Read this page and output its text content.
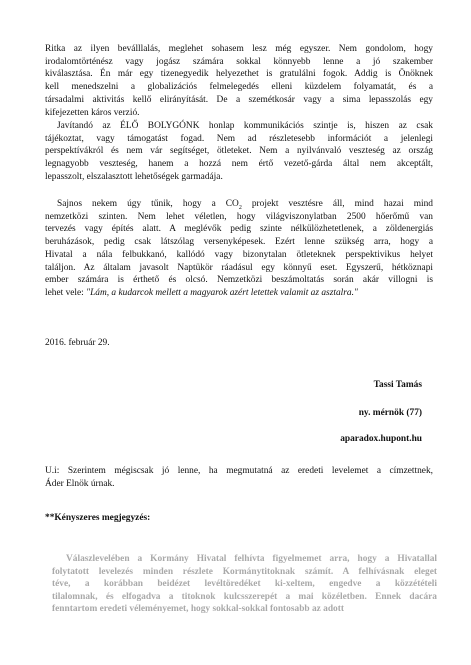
Ritka az ilyen beválllalás, meglehet sohasem lesz még egyszer. Nem gondolom, hogy
irodalomtörténész vagy jogász számára sokkal könnyebb lenne a jó szakember
kiválasztása. Én már egy tizenegyedik helyezethet is gratulálni fogok. Addig is Önöknek
kell menedszelni a globalizációs felmelegedés elleni küzdelem folyamatát, és a
társadalmi aktivitás kellő elirányítását. De a szemétkosár vagy a sima lepasszolás egy
kifejezetten káros verzió.
Javítandó az ÉLŐ BOLYGÓNK honlap kommunikációs szintje is, hiszen az csak
tájékoztat, vagy támogatást fogad. Nem ad részletesebb információt a jelenlegi
perspektívákról és nem vár segítséget, ötleteket. Nem a nyilvánvaló veszteség az ország
legnagyobb veszteség, hanem a hozzá nem értő vezető-gárda által nem akceptált,
lepasszolt, elszalasztott lehetőségek garmadája.
Sajnos nekem úgy tűnik, hogy a $CO_2$ projekt vesztésre áll, mind hazai mind
nemzetközi szinten. Nem lehet véletlen, hogy világviszonylatban 2500 hőerőmű van
tervezés vagy építés alatt. A meglévők pedig szinte nélkülözhetetlenek, a zöldenergiás
beruházások, pedig csak látszólag versenyképesek. Ezért lenne szükség arra, hogy a
Hivatal a nála felbukkanó, kallódó vagy bizonytalan ötleteknek perspektivikus helyet
találjon. Az általam javasolt Naptükör ráadásul egy könnyű eset. Egyszerű, hétköznapi
ember számára is érthető és olcsó. Nemzetközi beszámoltatás során akár villogni is
lehet vele: "Lám, a kudarcok mellett a magyarok azért letettek valamit az asztalra."
2016. február 29.
Tassi Tamás
ny. mérnök (77)
aparadox.hupont.hu
U.i: Szerintem mégiscsak jó lenne, ha megmutatná az eredeti levelemet a címzettnek,
Áder Elnök úrnak.
**Kényszeres megjegyzés:
Válaszlevelében a Kormány Hivatal felhívta figyelmemet arra, hogy a Hivatallal
folytatott levelezés minden részlete Kormánytitoknak számít. A felhívásnak eleget
téve, a korábban beidézet levéltöredéket ki-xeltem, engedve a közzétételi
tilalomnak, és elfogadva a titoknok kulcsszerepét a mai közéletben. Ennek dacára
fenntartom eredeti véleményemet, hogy sokkal-sokkal fontosabb az adott
